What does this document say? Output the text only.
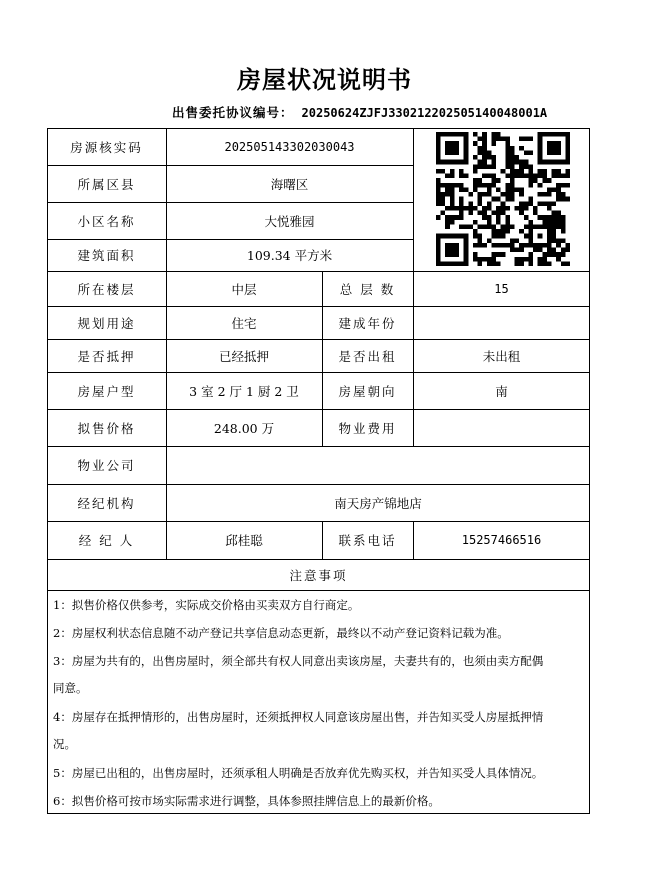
房屋状况说明书
出售委托协议编号： 20250624ZJFJ330212202505140048001A
房源核实码	202505143302030043
所属区县	海曙区
小区名称	大悦雅园
建筑面积	109.34 平方米
所在楼层	中层	总 层 数	15
规划用途	住宅	建成年份
是否抵押	已经抵押	是否出租	未出租
房屋户型	3 室 2 厅 1 厨 2 卫	房屋朝向	南
拟售价格	248.00 万	物业费用
物业公司
经纪机构	南天房产锦地店
经 纪 人	邱桂聪	联系电话	15257466516
注意事项
1：拟售价格仅供参考，实际成交价格由买卖双方自行商定。
2：房屋权利状态信息随不动产登记共享信息动态更新，最终以不动产登记资料记载为准。
3：房屋为共有的，出售房屋时，须全部共有权人同意出卖该房屋，夫妻共有的，也须由卖方配偶
同意。
4：房屋存在抵押情形的，出售房屋时，还须抵押权人同意该房屋出售，并告知买受人房屋抵押情
况。
5：房屋已出租的，出售房屋时，还须承租人明确是否放弃优先购买权，并告知买受人具体情况。
6：拟售价格可按市场实际需求进行调整，具体参照挂牌信息上的最新价格。
